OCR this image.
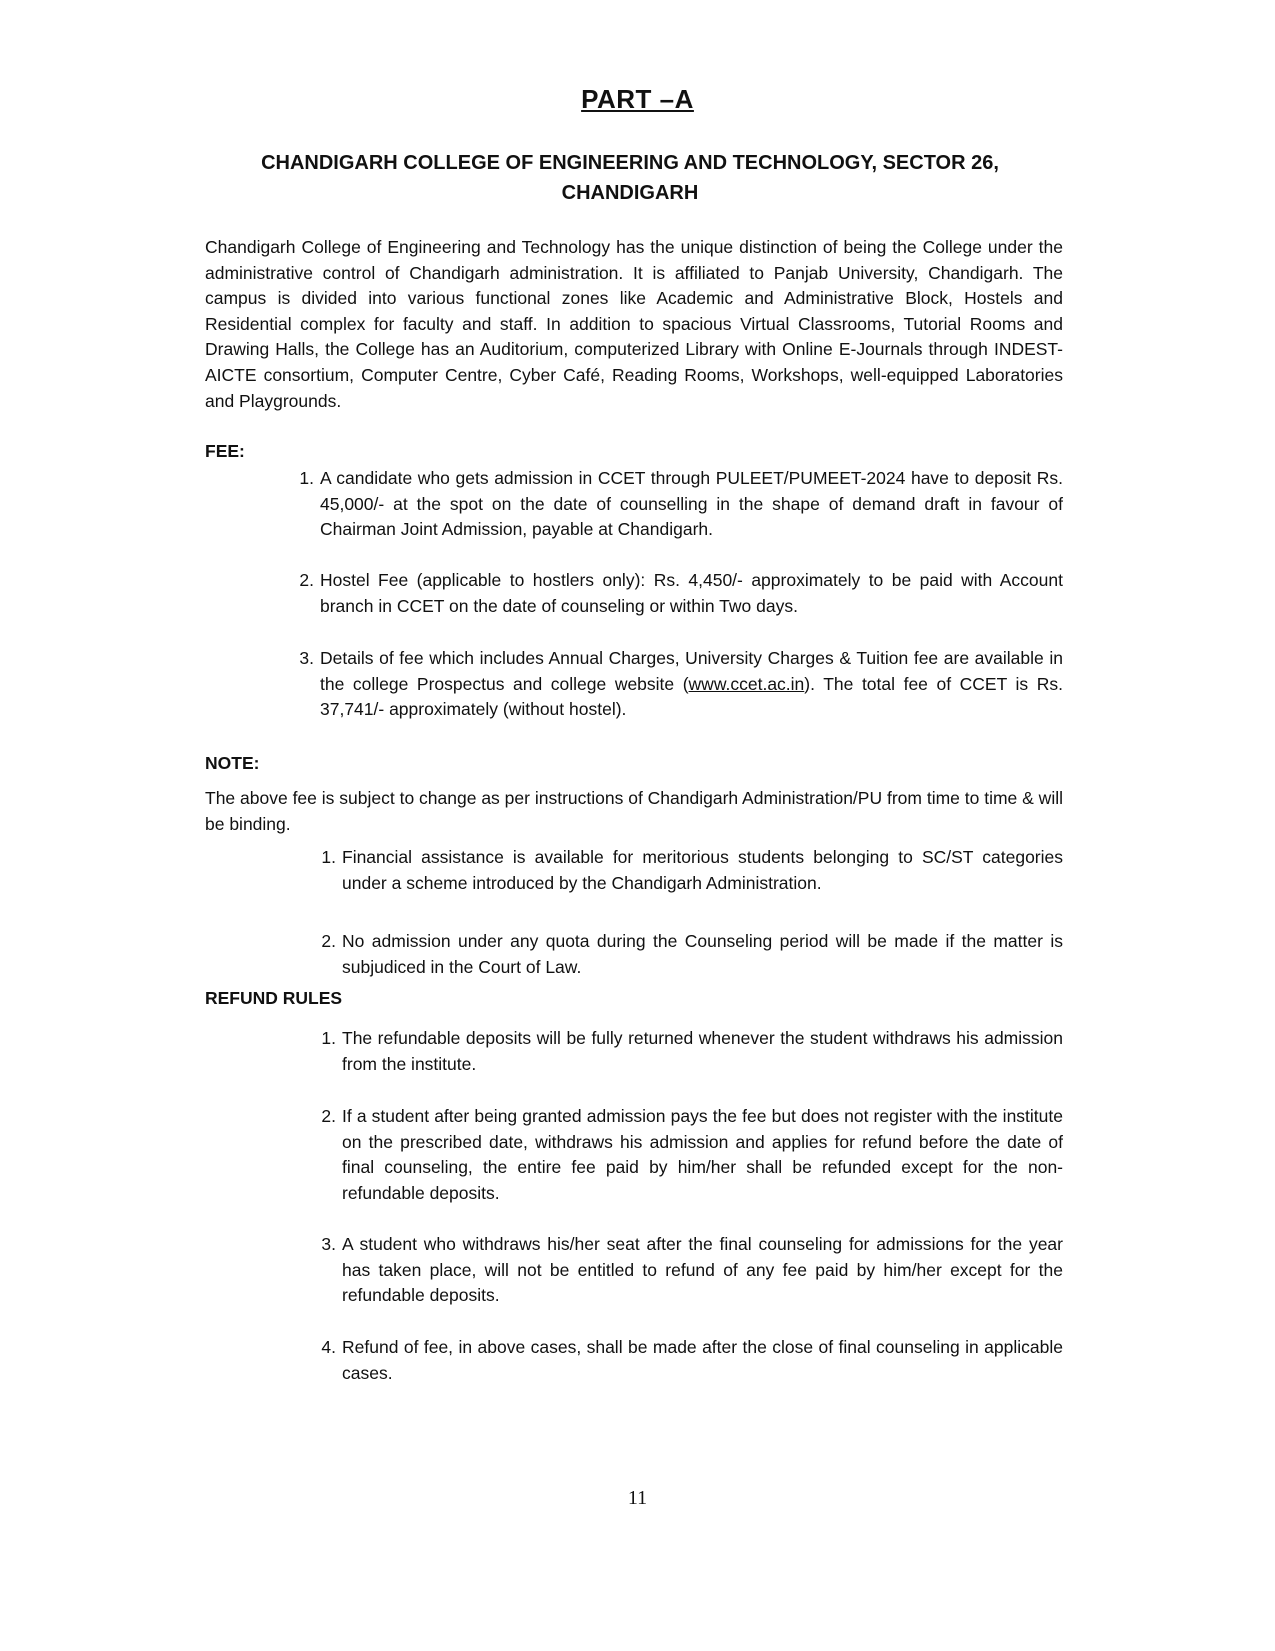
PART –A
CHANDIGARH COLLEGE OF ENGINEERING AND TECHNOLOGY, SECTOR 26, CHANDIGARH

Chandigarh College of Engineering and Technology has the unique distinction of being the College under the administrative control of Chandigarh administration. It is affiliated to Panjab University, Chandigarh. The campus is divided into various functional zones like Academic and Administrative Block, Hostels and Residential complex for faculty and staff. In addition to spacious Virtual Classrooms, Tutorial Rooms and Drawing Halls, the College has an Auditorium, computerized Library with Online E-Journals through INDEST-AICTE consortium, Computer Centre, Cyber Café, Reading Rooms, Workshops, well-equipped Laboratories and Playgrounds.

FEE:
1. A candidate who gets admission in CCET through PULEET/PUMEET-2024 have to deposit Rs. 45,000/- at the spot on the date of counselling in the shape of demand draft in favour of Chairman Joint Admission, payable at Chandigarh.
2. Hostel Fee (applicable to hostlers only): Rs. 4,450/- approximately to be paid with Account branch in CCET on the date of counseling or within Two days.
3. Details of fee which includes Annual Charges, University Charges & Tuition fee are available in the college Prospectus and college website (www.ccet.ac.in). The total fee of CCET is Rs. 37,741/- approximately (without hostel).
NOTE:

The above fee is subject to change as per instructions of Chandigarh Administration/PU from time to time & will be binding.

1. Financial assistance is available for meritorious students belonging to SC/ST categories under a scheme introduced by the Chandigarh Administration.
2. No admission under any quota during the Counseling period will be made if the matter is subjudiced in the Court of Law.
REFUND RULES
1. The refundable deposits will be fully returned whenever the student withdraws his admission from the institute.
2. If a student after being granted admission pays the fee but does not register with the institute on the prescribed date, withdraws his admission and applies for refund before the date of final counseling, the entire fee paid by him/her shall be refunded except for the non-refundable deposits.
3. A student who withdraws his/her seat after the final counseling for admissions for the year has taken place, will not be entitled to refund of any fee paid by him/her except for the refundable deposits.
4. Refund of fee, in above cases, shall be made after the close of final counseling in applicable cases.
11
